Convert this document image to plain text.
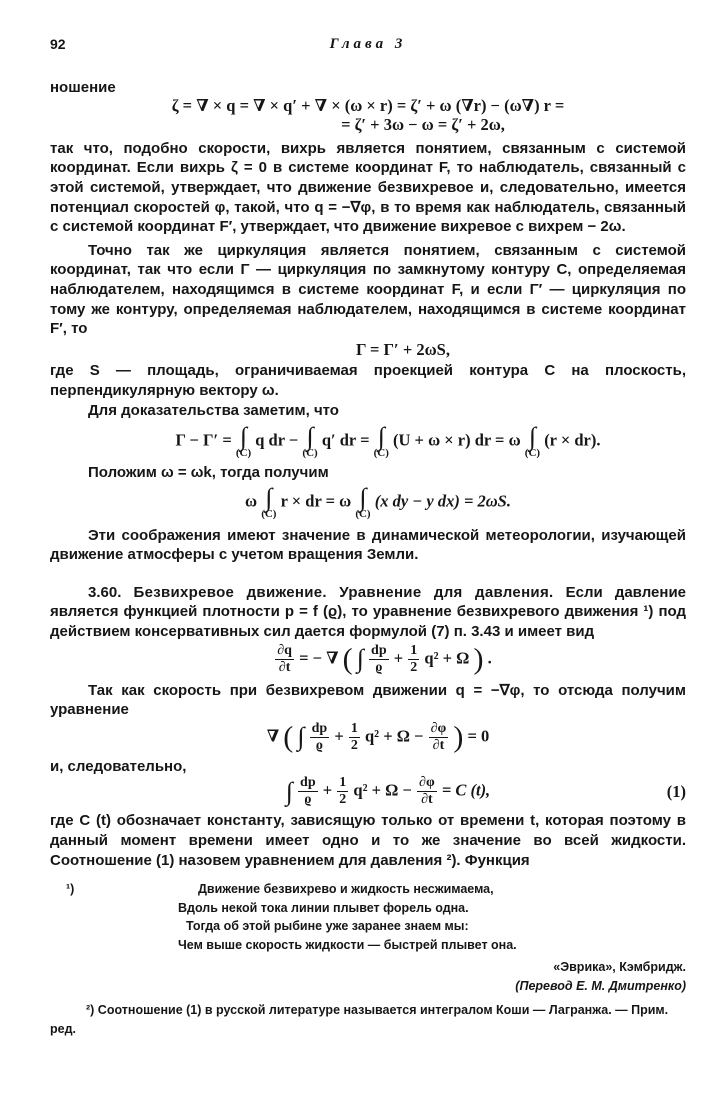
92	Глава 3

ношение

ζ = ∇ × q = ∇ × q′ + ∇ × (ω × r) = ζ′ + ω (∇r) − (ω∇) r =
= ζ′ + 3ω − ω = ζ′ + 2ω,

так что, подобно скорости, вихрь является понятием, связанным с системой координат. Если вихрь ζ = 0 в системе координат F, то наблюдатель, связанный с этой системой, утверждает, что движение безвихревое и, следовательно, имеется потенциал скоростей φ, такой, что q = −∇φ, в то время как наблюдатель, связанный с системой координат F′, утверждает, что движение вихревое с вихрем − 2ω.

Точно так же циркуляция является понятием, связанным с системой координат, так что если Γ — циркуляция по замкнутому контуру C, определяемая наблюдателем, находящимся в системе координат F, и если Γ′ — циркуляция по тому же контуру, определяемая наблюдателем, находящимся в системе координат F′, то

Γ = Γ′ + 2ωS,

где S — площадь, ограничиваемая проекцией контура C на плоскость, перпендикулярную вектору ω.

Для доказательства заметим, что

Γ − Γ′ = ∫
(C)
q dr − ∫
(C)
q′ dr = ∫
(C)
(U + ω × r) dr = ω ∫
(C)
(r × dr).

Положим ω = ωk, тогда получим

ω ∫
(C)
r × dr = ω ∫
(C)
(x dy − y dx) = 2ωS.

Эти соображения имеют значение в динамической метеорологии, изучающей движение атмосферы с учетом вращения Земли.

3.60. Безвихревое движение. Уравнение для давления. Если давление является функцией плотности p = f (ϱ), то уравнение безвихревого движения ¹) под действием консервативных сил дается формулой (7) п. 3.43 и имеет вид

$\frac{\partial q}{\partial t}$ = − ∇ ( ∫
$\frac{dp}{ϱ} + \frac{1}{2} q^2 + \Omega$ ) .

Так как скорость при безвихревом движении q = −∇φ, то отсюда получим уравнение

∇ ( ∫
$\frac{dp}{ϱ} + \frac{1}{2} q^2 + \Omega - \frac{\partial\varphi}{\partial t}$ ) = 0

и, следовательно,

∫
$\frac{dp}{ϱ} + \frac{1}{2} q^2 + \Omega - \frac{\partial\varphi}{\partial t} = C$ (t),	(1)

где C (t) обозначает константу, зависящую только от времени t, которая поэтому в данный момент времени имеет одно и то же значение во всей жидкости. Соотношение (1) назовем уравнением для давления ²). Функция

¹)	Движение безвихрево и жидкость несжимаема,
Вдоль некой тока линии плывет форель одна.
Тогда об этой рыбине уже заранее знаем мы:
Чем выше скорость жидкости — быстрей плывет она.
«Эврика», Кэмбридж.
(Перевод Е. М. Дмитренко)
²) Соотношение (1) в русской литературе называется интегралом Коши — Лагранжа. — Прим. ред.
